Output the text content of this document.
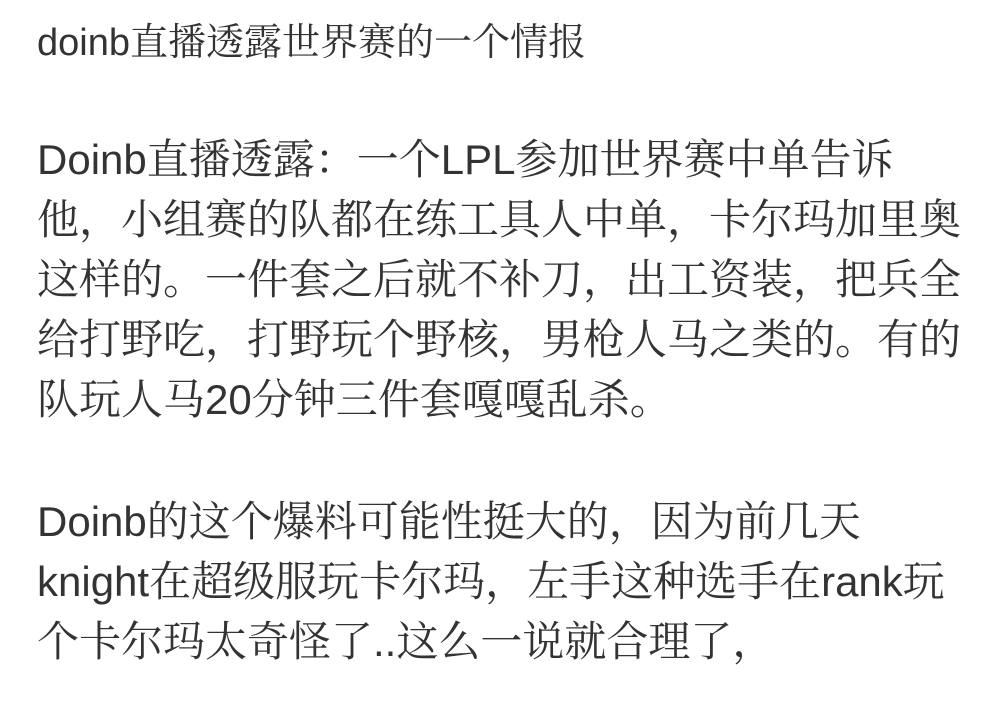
doinb直播透露世界赛的一个情报

Doinb直播透露：一个LPL参加世界赛中单告诉他，小组赛的队都在练工具人中单，卡尔玛加里奥这样的。一件套之后就不补刀，出工资装，把兵全给打野吃，打野玩个野核，男枪人马之类的。有的队玩人马20分钟三件套嘎嘎乱杀。

Doinb的这个爆料可能性挺大的，因为前几天knight在超级服玩卡尔玛，左手这种选手在rank玩个卡尔玛太奇怪了..这么一说就合理了，
